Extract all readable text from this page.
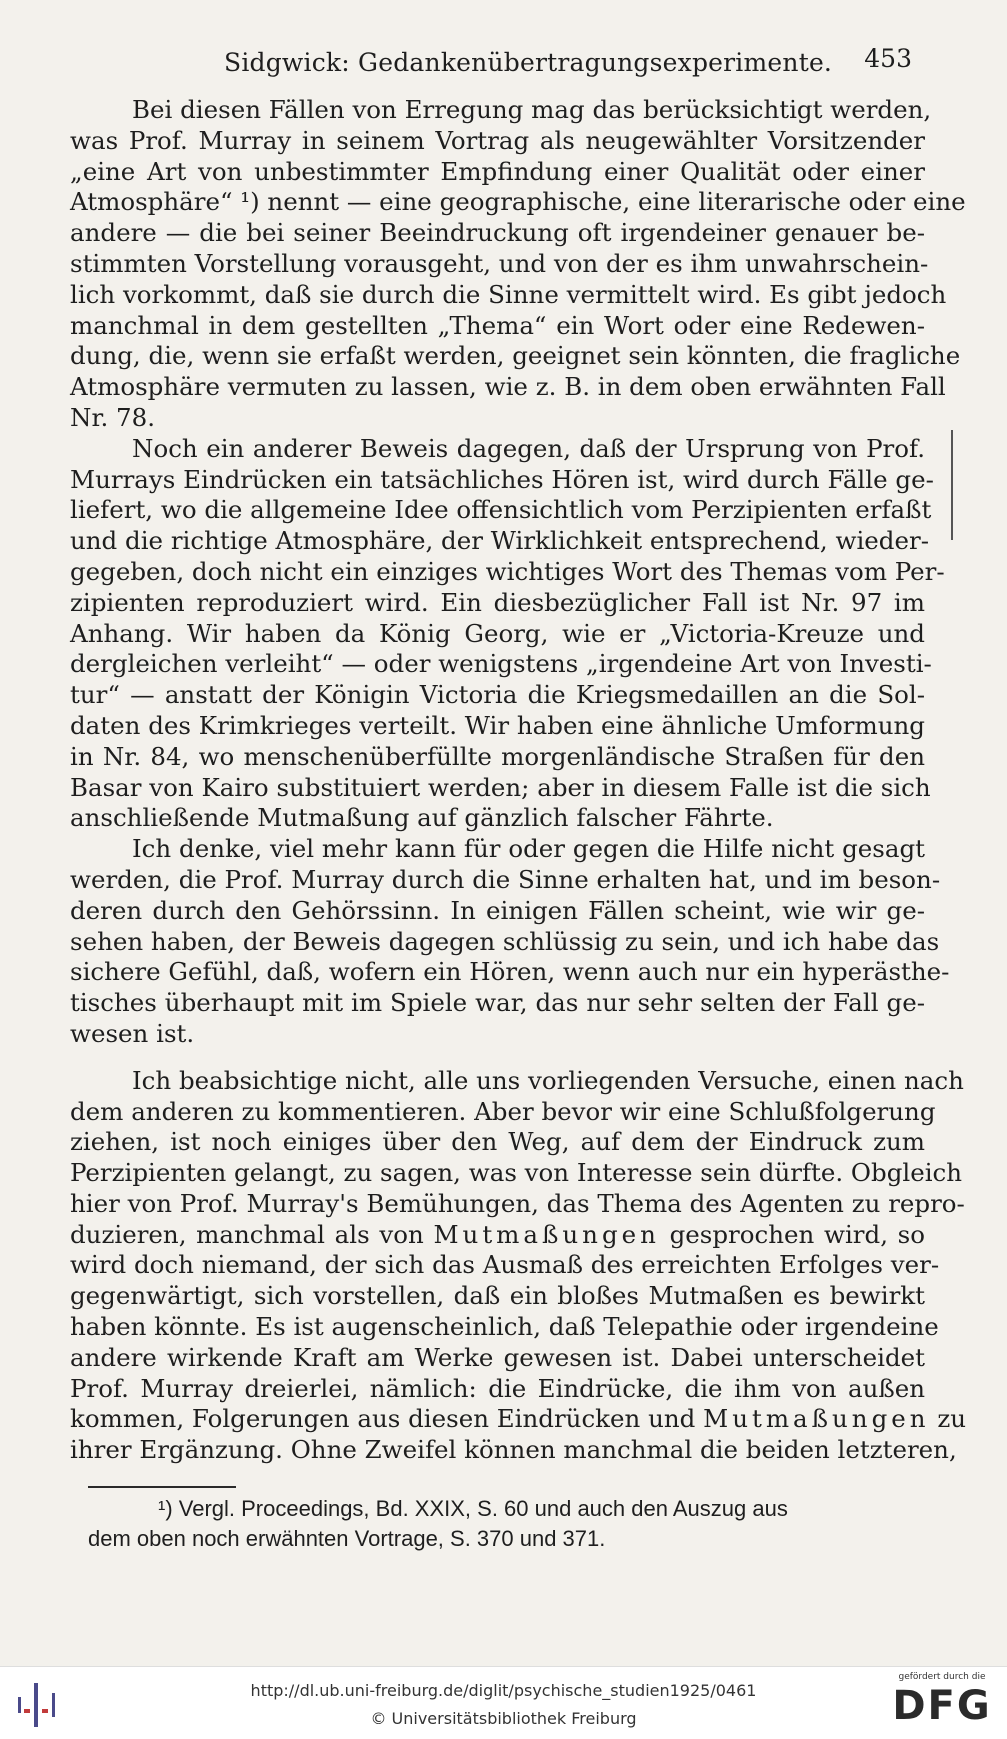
Sidgwick: Gedankenübertragungsexperimente. 453
Bei diesen Fällen von Erregung mag das berücksichtigt werden,
was Prof. Murray in seinem Vortrag als neugewählter Vorsitzender
„eine Art von unbestimmter Empfindung einer Qualität oder einer
Atmosphäre“ ¹) nennt — eine geographische, eine literarische oder eine
andere — die bei seiner Beeindruckung oft irgendeiner genauer be-
stimmten Vorstellung vorausgeht, und von der es ihm unwahrschein-
lich vorkommt, daß sie durch die Sinne vermittelt wird. Es gibt jedoch
manchmal in dem gestellten „Thema“ ein Wort oder eine Redewen-
dung, die, wenn sie erfaßt werden, geeignet sein könnten, die fragliche
Atmosphäre vermuten zu lassen, wie z. B. in dem oben erwähnten Fall
Nr. 78.
Noch ein anderer Beweis dagegen, daß der Ursprung von Prof.
Murrays Eindrücken ein tatsächliches Hören ist, wird durch Fälle ge-
liefert, wo die allgemeine Idee offensichtlich vom Perzipienten erfaßt
und die richtige Atmosphäre, der Wirklichkeit entsprechend, wieder-
gegeben, doch nicht ein einziges wichtiges Wort des Themas vom Per-
zipienten reproduziert wird. Ein diesbezüglicher Fall ist Nr. 97 im
Anhang. Wir haben da König Georg, wie er „Victoria-Kreuze und
dergleichen verleiht“ — oder wenigstens „irgendeine Art von Investi-
tur“ — anstatt der Königin Victoria die Kriegsmedaillen an die Sol-
daten des Krimkrieges verteilt. Wir haben eine ähnliche Umformung
in Nr. 84, wo menschenüberfüllte morgenländische Straßen für den
Basar von Kairo substituiert werden; aber in diesem Falle ist die sich
anschließende Mutmaßung auf gänzlich falscher Fährte.
Ich denke, viel mehr kann für oder gegen die Hilfe nicht gesagt
werden, die Prof. Murray durch die Sinne erhalten hat, und im beson-
deren durch den Gehörssinn. In einigen Fällen scheint, wie wir ge-
sehen haben, der Beweis dagegen schlüssig zu sein, und ich habe das
sichere Gefühl, daß, wofern ein Hören, wenn auch nur ein hyperästhe-
tisches überhaupt mit im Spiele war, das nur sehr selten der Fall ge-
wesen ist.
Ich beabsichtige nicht, alle uns vorliegenden Versuche, einen nach
dem anderen zu kommentieren. Aber bevor wir eine Schlußfolgerung
ziehen, ist noch einiges über den Weg, auf dem der Eindruck zum
Perzipienten gelangt, zu sagen, was von Interesse sein dürfte. Obgleich
hier von Prof. Murray's Bemühungen, das Thema des Agenten zu repro-
duzieren, manchmal als von Mutmaßungen gesprochen wird, so
wird doch niemand, der sich das Ausmaß des erreichten Erfolges ver-
gegenwärtigt, sich vorstellen, daß ein bloßes Mutmaßen es bewirkt
haben könnte. Es ist augenscheinlich, daß Telepathie oder irgendeine
andere wirkende Kraft am Werke gewesen ist. Dabei unterscheidet
Prof. Murray dreierlei, nämlich: die Eindrücke, die ihm von außen
kommen, Folgerungen aus diesen Eindrücken und Mutmaßungen zu
ihrer Ergänzung. Ohne Zweifel können manchmal die beiden letzteren,
¹) Vergl. Proceedings, Bd. XXIX, S. 60 und auch den Auszug aus
dem oben noch erwähnten Vortrage, S. 370 und 371.
http://dl.ub.uni-freiburg.de/diglit/psychische_studien1925/0461
© Universitätsbibliothek Freiburg
gefördert durch die
DFG
